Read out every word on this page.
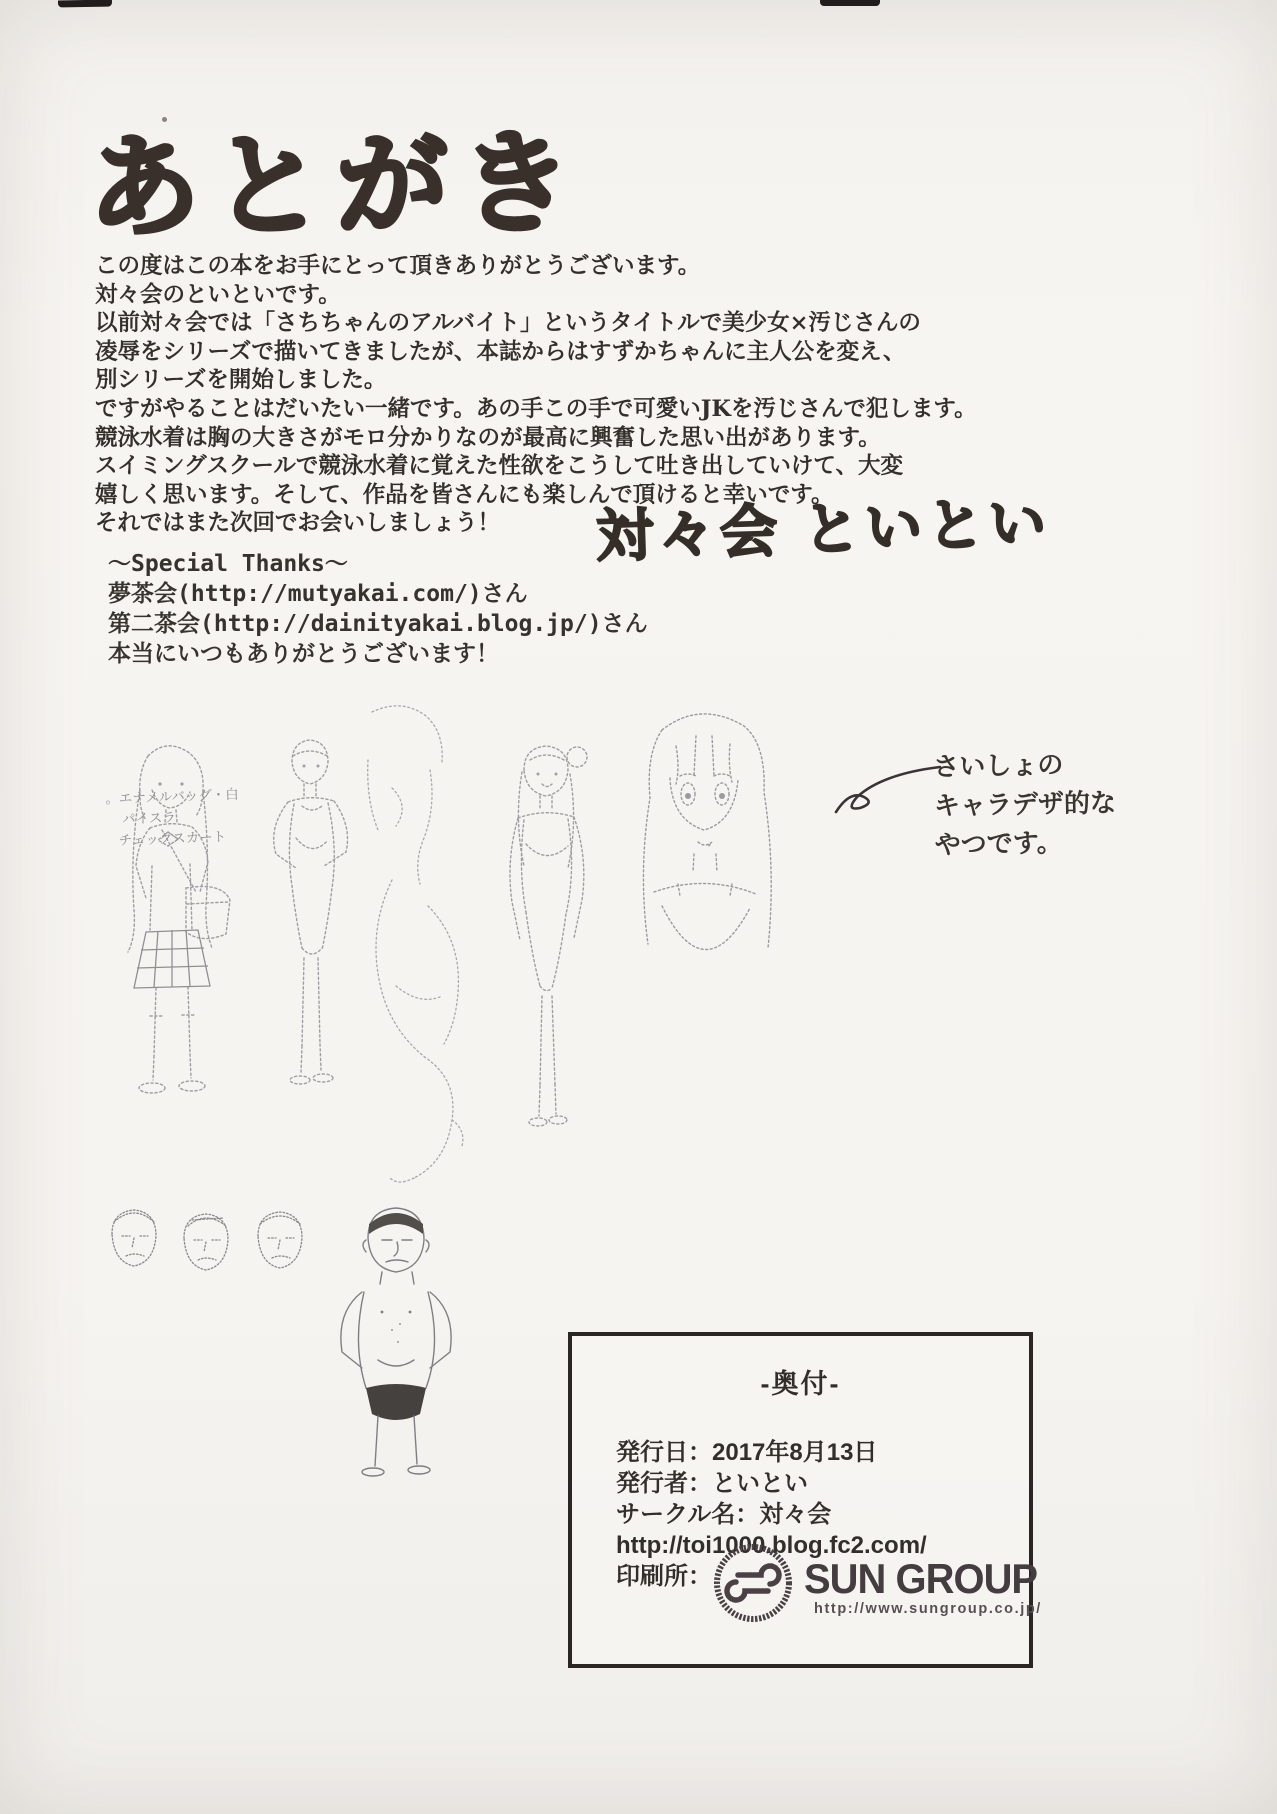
あとがき
この度はこの本をお手にとって頂きありがとうございます。
対々会のといといです。
以前対々会では「さちちゃんのアルバイト」というタイトルで美少女×汚じさんの
凌辱をシリーズで描いてきましたが、本誌からはすずかちゃんに主人公を変え、
別シリーズを開始しました。
ですがやることはだいたい一緒です。あの手この手で可愛いJKを汚じさんで犯します。
競泳水着は胸の大きさがモロ分かりなのが最高に興奮した思い出があります。
スイミングスクールで競泳水着に覚えた性欲をこうして吐き出していけて、大変
嬉しく思います。そして、作品を皆さんにも楽しんで頂けると幸いです。
それではまた次回でお会いしましょう！	対々会 といとい
～Special Thanks～
夢茶会(http://mutyakai.com/)さん
第二茶会(http://dainityakai.blog.jp/)さん
本当にいつもありがとうございます！
さいしょの
キャラデザ的な
やつです。
。エナメルバッグ・白
パイスラ
チェックスカート
-奥付-
発行日：2017年8月13日
発行者：といとい
サークル名：対々会
http://toi1000.blog.fc2.com/
印刷所：	SUN GROUP
http://www.sungroup.co.jp/
